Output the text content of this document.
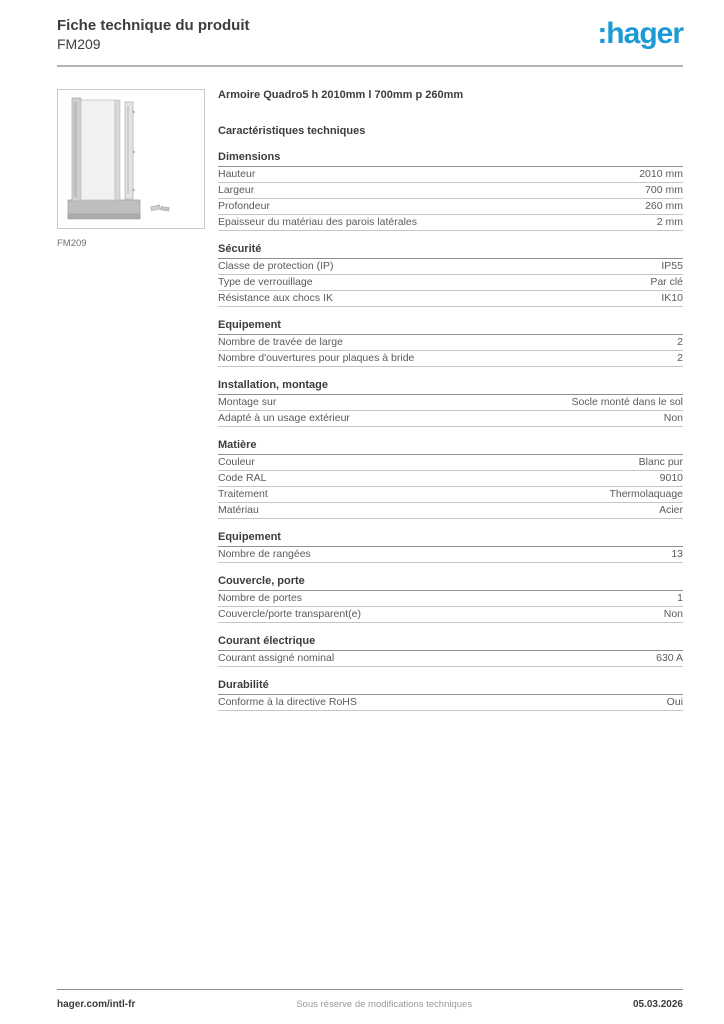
Fiche technique du produit
FM209	:hager
FM209
Armoire Quadro5 h 2010mm l 700mm p 260mm
Caractéristiques techniques
Dimensions
Hauteur	2010 mm
Largeur	700 mm
Profondeur	260 mm
Epaisseur du matériau des parois latérales	2 mm
Sécurité
Classe de protection (IP)	IP55
Type de verrouillage	Par clé
Résistance aux chocs IK	IK10
Equipement
Nombre de travée de large	2
Nombre d'ouvertures pour plaques à bride	2
Installation, montage
Montage sur	Socle monté dans le sol
Adapté à un usage extérieur	Non
Matière
Couleur	Blanc pur
Code RAL	9010
Traitement	Thermolaquage
Matériau	Acier
Equipement
Nombre de rangées	13
Couvercle, porte
Nombre de portes	1
Couvercle/porte transparent(e)	Non
Courant électrique
Courant assigné nominal	630 A
Durabilité
Conforme à la directive RoHS	Oui
hager.com/intl-fr	Sous réserve de modifications techniques	05.03.2026
